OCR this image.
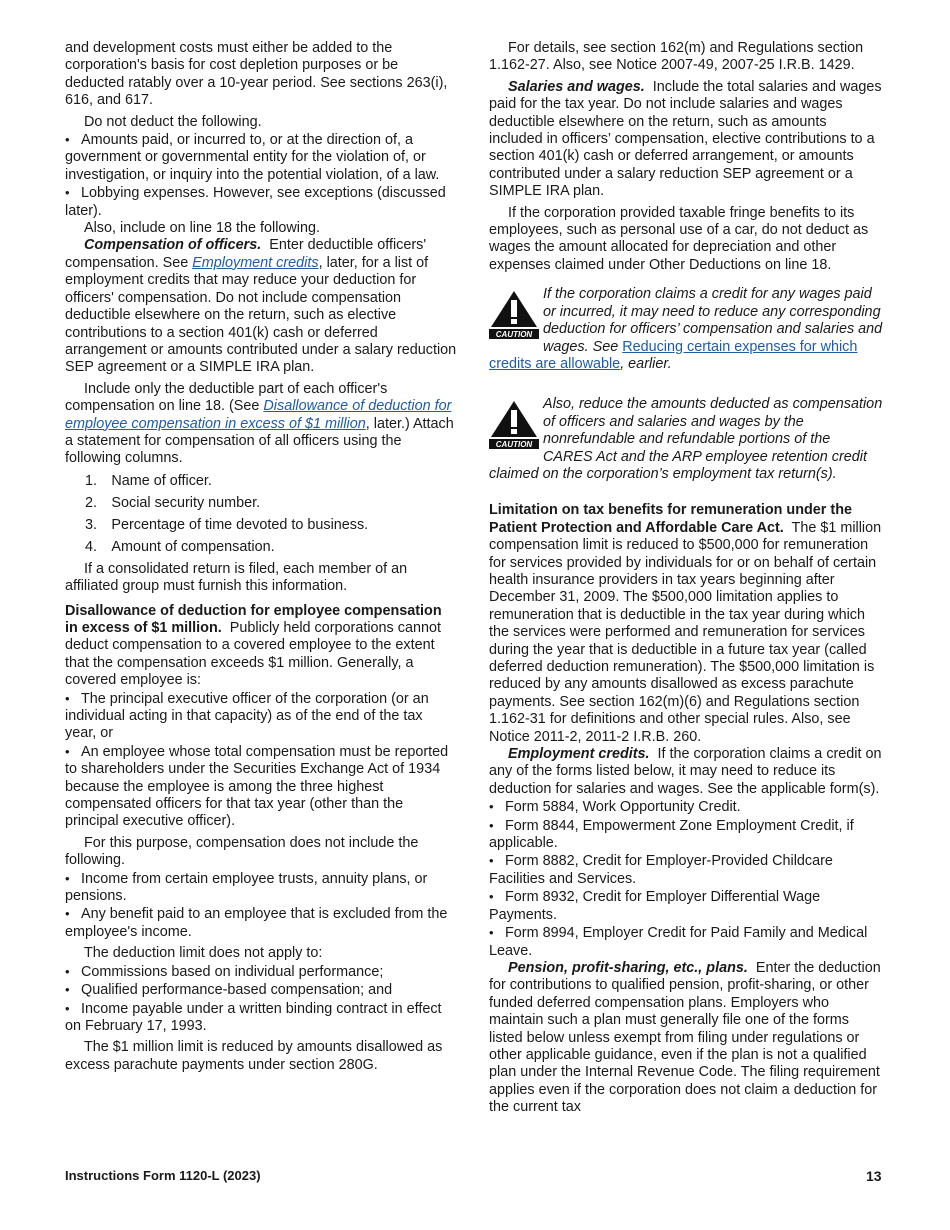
and development costs must either be added to the corporation's basis for cost depletion purposes or be deducted ratably over a 10-year period. See sections 263(i), 616, and 617.

Do not deduct the following.

• Amounts paid, or incurred to, or at the direction of, a government or governmental entity for the violation of, or investigation, or inquiry into the potential violation, of a law.

• Lobbying expenses. However, see exceptions (discussed later).

Also, include on line 18 the following.

Compensation of officers. Enter deductible officers' compensation. See Employment credits, later, for a list of employment credits that may reduce your deduction for officers' compensation. Do not include compensation deductible elsewhere on the return, such as elective contributions to a section 401(k) cash or deferred arrangement or amounts contributed under a salary reduction SEP agreement or a SIMPLE IRA plan.

Include only the deductible part of each officer's compensation on line 18. (See Disallowance of deduction for employee compensation in excess of $1 million, later.) Attach a statement for compensation of all officers using the following columns.

1. Name of officer.
2. Social security number.
3. Percentage of time devoted to business.
4. Amount of compensation.

If a consolidated return is filed, each member of an affiliated group must furnish this information.

Disallowance of deduction for employee compensation in excess of $1 million. Publicly held corporations cannot deduct compensation to a covered employee to the extent that the compensation exceeds $1 million. Generally, a covered employee is:

• The principal executive officer of the corporation (or an individual acting in that capacity) as of the end of the tax year, or

• An employee whose total compensation must be reported to shareholders under the Securities Exchange Act of 1934 because the employee is among the three highest compensated officers for that tax year (other than the principal executive officer).

For this purpose, compensation does not include the following.

• Income from certain employee trusts, annuity plans, or pensions.

• Any benefit paid to an employee that is excluded from the employee's income.

The deduction limit does not apply to:

• Commissions based on individual performance;

• Qualified performance-based compensation; and

• Income payable under a written binding contract in effect on February 17, 1993.

The $1 million limit is reduced by amounts disallowed as excess parachute payments under section 280G.

For details, see section 162(m) and Regulations section 1.162-27. Also, see Notice 2007-49, 2007-25 I.R.B. 1429.

Salaries and wages. Include the total salaries and wages paid for the tax year. Do not include salaries and wages deductible elsewhere on the return, such as amounts included in officers’ compensation, elective contributions to a section 401(k) cash or deferred arrangement, or amounts contributed under a salary reduction SEP agreement or a SIMPLE IRA plan.

If the corporation provided taxable fringe benefits to its employees, such as personal use of a car, do not deduct as wages the amount allocated for depreciation and other expenses claimed under Other Deductions on line 18.

CAUTION

If the corporation claims a credit for any wages paid or incurred, it may need to reduce any corresponding deduction for officers’ compensation and salaries and wages. See Reducing certain expenses for which credits are allowable, earlier.

CAUTION

Also, reduce the amounts deducted as compensation of officers and salaries and wages by the nonrefundable and refundable portions of the CARES Act and the ARP employee retention credit claimed on the corporation’s employment tax return(s).

Limitation on tax benefits for remuneration under the Patient Protection and Affordable Care Act. The $1 million compensation limit is reduced to $500,000 for remuneration for services provided by individuals for or on behalf of certain health insurance providers in tax years beginning after December 31, 2009. The $500,000 limitation applies to remuneration that is deductible in the tax year during which the services were performed and remuneration for services during the year that is deductible in a future tax year (called deferred deduction remuneration). The $500,000 limitation is reduced by any amounts disallowed as excess parachute payments. See section 162(m)(6) and Regulations section 1.162-31 for definitions and other special rules. Also, see Notice 2011-2, 2011-2 I.R.B. 260.

Employment credits. If the corporation claims a credit on any of the forms listed below, it may need to reduce its deduction for salaries and wages. See the applicable form(s).

• Form 5884, Work Opportunity Credit.

• Form 8844, Empowerment Zone Employment Credit, if applicable.

• Form 8882, Credit for Employer-Provided Childcare Facilities and Services.

• Form 8932, Credit for Employer Differential Wage Payments.

• Form 8994, Employer Credit for Paid Family and Medical Leave.

Pension, profit-sharing, etc., plans. Enter the deduction for contributions to qualified pension, profit-sharing, or other funded deferred compensation plans. Employers who maintain such a plan must generally file one of the forms listed below unless exempt from filing under regulations or other applicable guidance, even if the plan is not a qualified plan under the Internal Revenue Code. The filing requirement applies even if the corporation does not claim a deduction for the current tax

Instructions Form 1120-L (2023)	13
